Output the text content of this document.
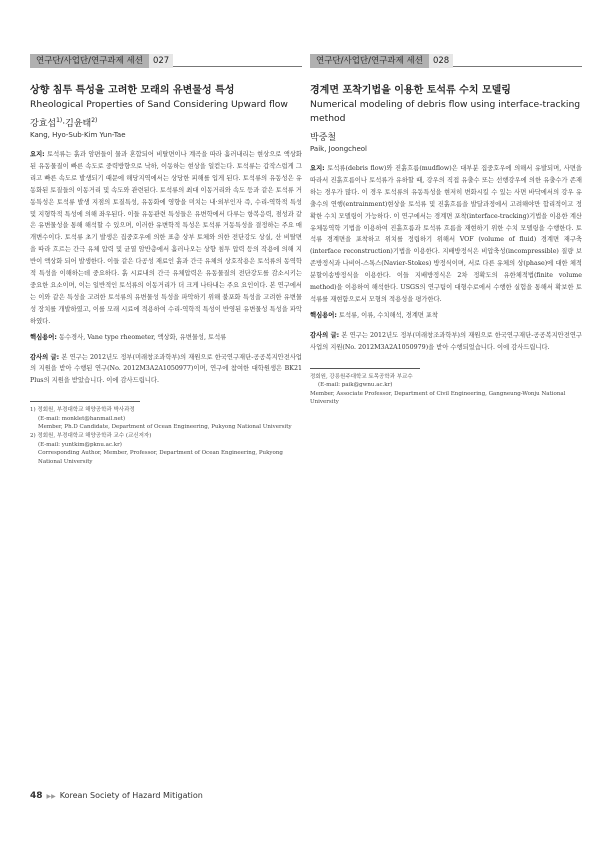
연구단/사업단/연구과제 세션 027
상향 침투 특성을 고려한 모래의 유변물성 특성
Rheological Properties of Sand Considering Upward flow
강효섭$^{1)}$·김윤태$^{2)}$
Kang, Hyo-Sub·Kim Yun-Tae
요지: 토석류는 흙과 암편들이 물과 혼합되어 비탈면이나 계곡을 따라 흘러내리는 현상으로 액상화된 유동물질이 빠른 속도로 중력방향으로 낙하, 이동하는 현상을 일컫는다. 토석류는 갑작스럽게 그리고 빠른 속도로 발생되기 때문에 해당지역에서는 상당한 피해를 입게 된다. 토석류의 유동성은 유동화된 토질들의 이동거리 및 속도와 관련된다. 토석류의 최대 이동거리와 속도 등과 같은 토석류 거동특성은 토석류 발생 지점의 토질특성, 유동화에 영향을 미치는 내·외부인자 즉, 수리-역학적 특성 및 지형학적 특성에 의해 좌우된다. 이들 유동관련 특성들은 유변학에서 다루는 항복응력, 점성과 같은 유변물성을 통해 해석할 수 있으며, 이러한 유변학적 특성은 토석류 거동특성을 결정하는 주요 매개변수이다. 토석류 초기 발생은 집중호우에 의한 표층 상부 토체와 의한 전단강도 상실, 산 비탈면을 따라 흐르는 간극 유체 압력 및 균열 암반층에서 흘러나오는 상향 침투 압력 등의 작용에 의해 지반이 액상화 되어 발생한다. 이들 같은 다공성 재료인 흙과 간극 유체의 상호작용은 토석류의 동역학적 특성을 이해하는데 중요하다. 흙 시료내의 간극 유체압력은 유동물질의 전단강도를 감소시키는 중요한 요소이며, 이는 일반적인 토석류의 이동거리가 더 크게 나타내는 주요 요인이다. 본 연구에서는 이와 같은 특성을 고려한 토석류의 유변물성 특성을 파악하기 위해 불포화 특성을 고려한 유변물성 장치를 개발하였고, 이를 모래 시료에 적용하여 수리-역학적 특성이 반영된 유변물성 특성을 파악하였다.
핵심용어: 동수경사, Vane type rheometer, 액상화, 유변물성, 토석류
감사의 글: 본 연구는 2012년도 정부(미래창조과학부)의 재원으로 한국연구재단-공공복지안전사업의 지원을 받아 수행된 연구(No. 2012M3A2A1050977)이며, 연구에 참여한 대학원생은 BK21 Plus의 지원을 받았습니다. 이에 감사드립니다.
1) 정회원, 부경대학교 해양공학과 박사과정
(E-mail: monklet@hanmail.net)
Member, Ph.D Candidate, Department of Ocean Engineering, Pukyong National University
2) 정회원, 부경대학교 해양공학과 교수 (교신저자)
(E-mail: yuntkim@pknu.ac.kr)
Corresponding Author, Member, Professor, Department of Ocean Engineering, Pukyong National University
연구단/사업단/연구과제 세션 028
경계면 포착기법을 이용한 토석류 수치 모델링
Numerical modeling of debris flow using interface-tracking method
박중철
Paik, Joongcheol
요지: 토석류(debris flow)와 진흙흐름(mudflow)은 대부분 집중호우에 의해서 유발되며, 사면을 따라서 진흙흐름이나 토석류가 유하할 때, 강우의 직접 유출수 또는 선행강우에 의한 유출수가 존재하는 경우가 많다. 이 경우 토석류의 유동특성을 현저히 변화시킬 수 있는 사면 바닥에서의 강우 유출수의 연행(entrainment)현상을 토석류 및 진흙흐름을 발달과정에서 고려해야만 합리적이고 정확한 수치 모델링이 가능하다. 이 연구에서는 경계면 포착(interface-tracking)기법을 이용한 계산유체동역학 기법을 이용하여 진흙흐름과 토석류 흐름을 재현하기 위한 수치 모델링을 수행한다. 토석류 경계면을 포착하고 위치를 정립하기 위해서 VOF (volume of fluid) 경계면 재구축(interface reconstruction)기법을 이용한다. 지배방정식은 비압축성(incompressible) 질량 보존방정식과 나비어-스톡스(Navier-Stokes) 방정식이며, 서로 다른 유체의 상(phase)에 대한 체적분할이송방정식을 이용한다. 이들 지배방정식은 2차 정확도의 유한체적법(finite volume method)을 이용하여 해석한다. USGS의 연구팀이 대형수로에서 수행한 실험을 통해서 확보한 토석류를 재현함으로서 모형의 적용성을 평가한다.
핵심용어: 토석류, 이류, 수치해석, 경계면 포착
감사의 글: 본 연구는 2012년도 정부(미래창조과학부)의 재원으로 한국연구재단-공공복지안전연구사업의 지원(No. 2012M3A2A1050979)을 받아 수행되었습니다. 이에 감사드립니다.
정회원, 강릉원주대학교 토목공학과 부교수
(E-mail: paik@gwnu.ac.kr)
Member, Associate Professor, Department of Civil Engineering, Gangneung-Wonju National University
48 ▶▶ Korean Society of Hazard Mitigation
